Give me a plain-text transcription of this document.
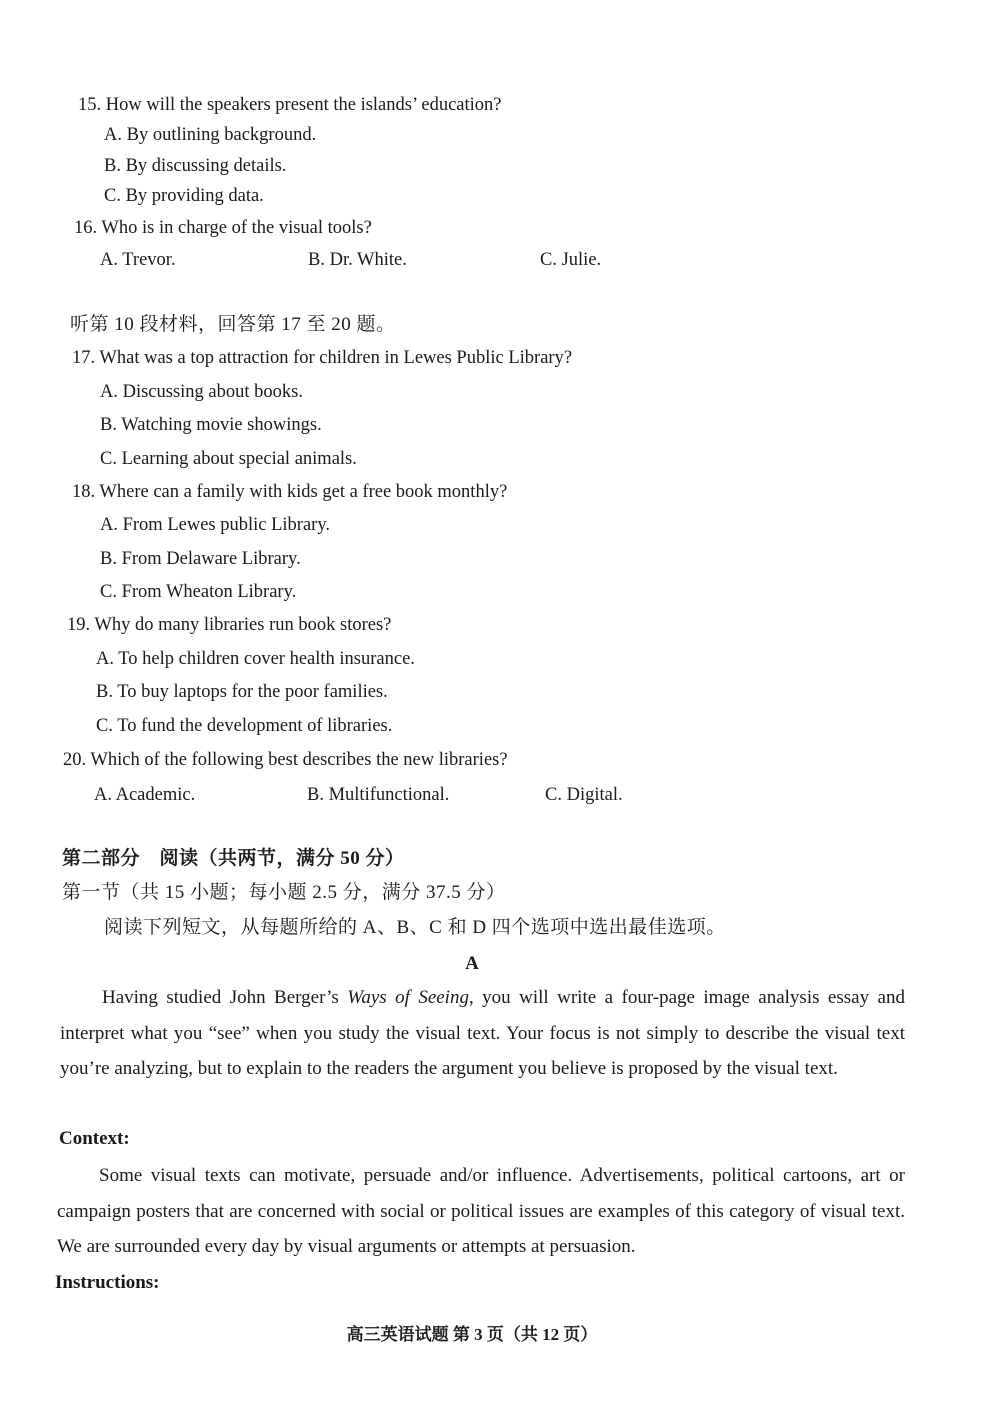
15. How will the speakers present the islands’ education?
A. By outlining background.
B. By discussing details.
C. By providing data.
16. Who is in charge of the visual tools?
A. Trevor.	B. Dr. White.	C. Julie.
听第 10 段材料，回答第 17 至 20 题。
17. What was a top attraction for children in Lewes Public Library?
A. Discussing about books.
B. Watching movie showings.
C. Learning about special animals.
18. Where can a family with kids get a free book monthly?
A. From Lewes public Library.
B. From Delaware Library.
C. From Wheaton Library.
19. Why do many libraries run book stores?
A. To help children cover health insurance.
B. To buy laptops for the poor families.
C. To fund the development of libraries.
20. Which of the following best describes the new libraries?
A. Academic.	B. Multifunctional.	C. Digital.
第二部分　阅读（共两节，满分 50 分）
第一节（共 15 小题；每小题 2.5 分，满分 37.5 分）
阅读下列短文，从每题所给的 A、B、C 和 D 四个选项中选出最佳选项。
A
Having studied John Berger’s Ways of Seeing, you will write a four-page image analysis essay and interpret what you “see” when you study the visual text. Your focus is not simply to describe the visual text you’re analyzing, but to explain to the readers the argument you believe is proposed by the visual text.
Context:
Some visual texts can motivate, persuade and/or influence. Advertisements, political cartoons, art or campaign posters that are concerned with social or political issues are examples of this category of visual text. We are surrounded every day by visual arguments or attempts at persuasion.
Instructions:
高三英语试题 第 3 页（共 12 页）
